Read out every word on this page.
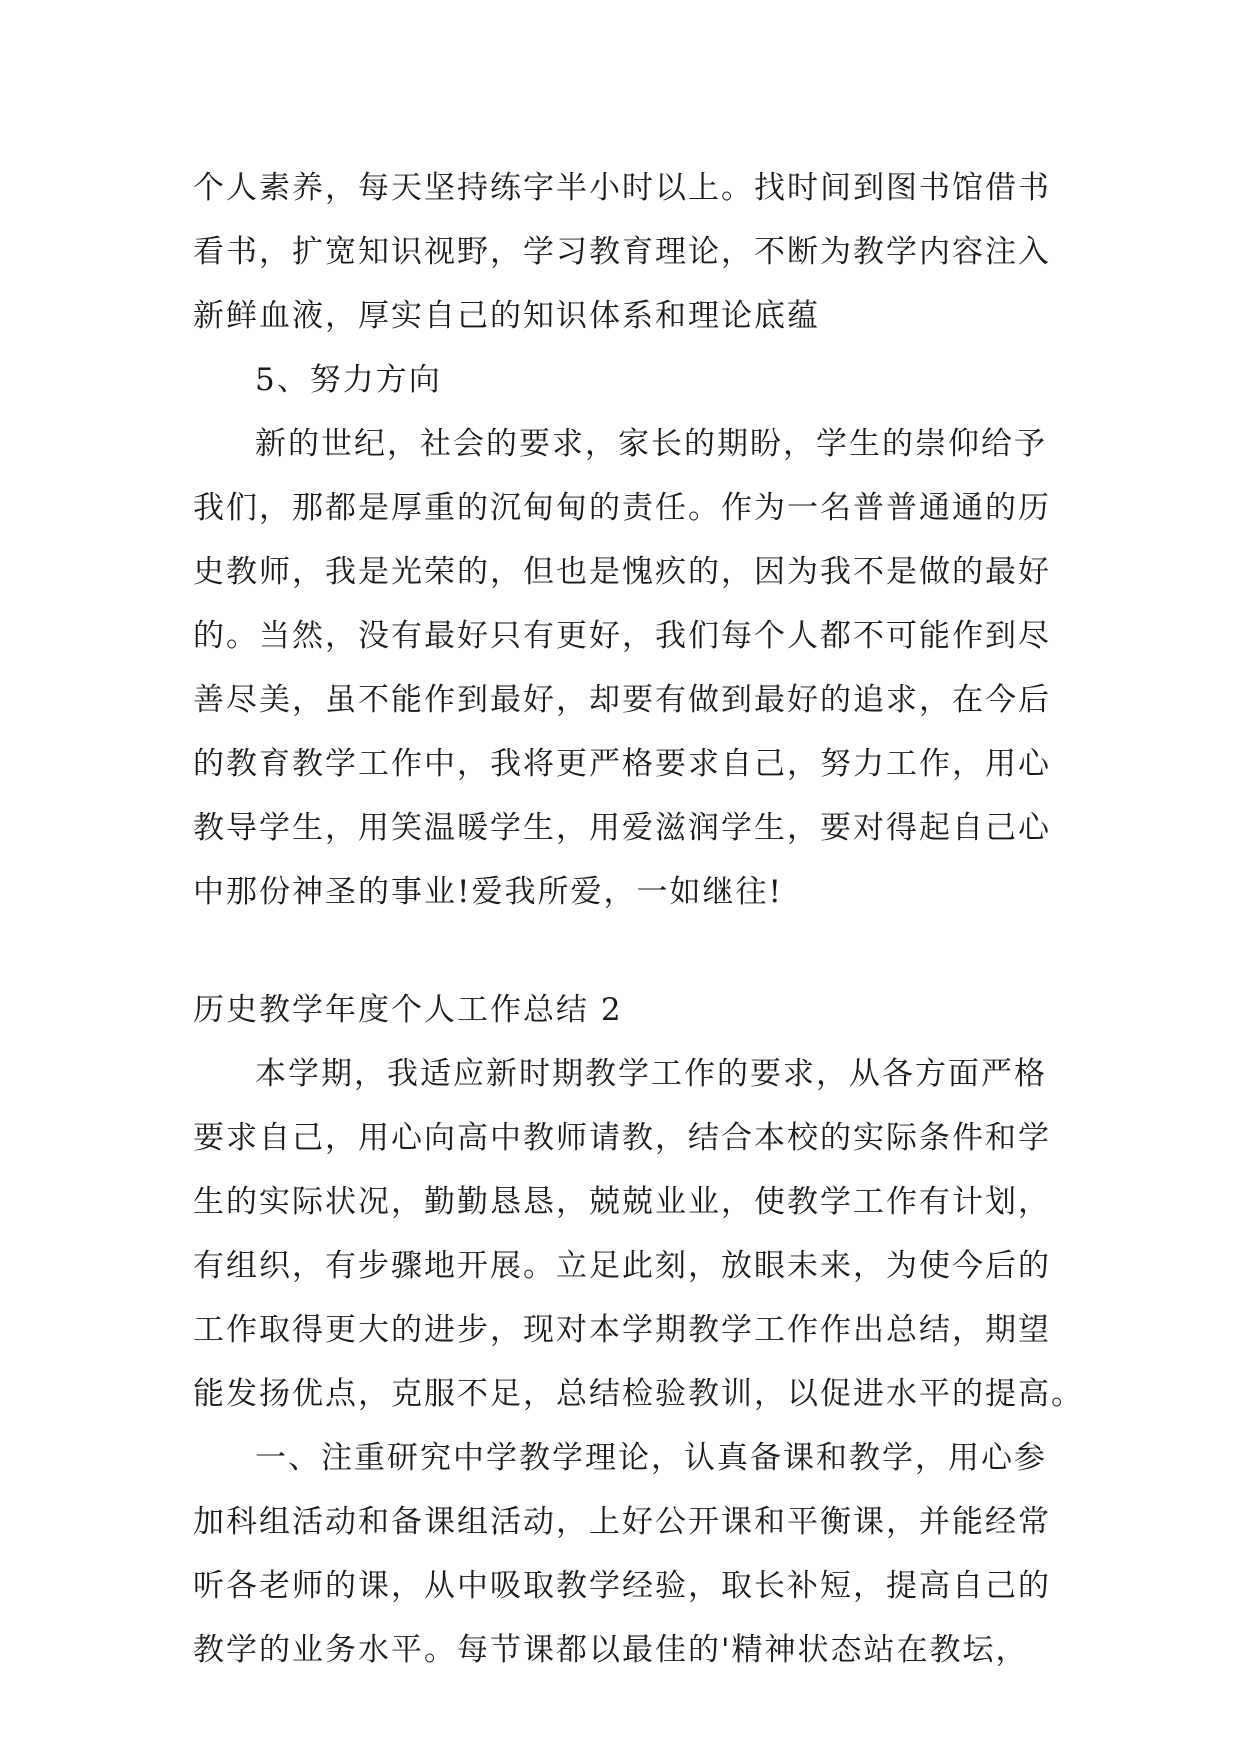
个人素养，每天坚持练字半小时以上。找时间到图书馆借书
看书，扩宽知识视野，学习教育理论，不断为教学内容注入
新鲜血液，厚实自己的知识体系和理论底蕴
5、努力方向
新的世纪，社会的要求，家长的期盼，学生的崇仰给予
我们，那都是厚重的沉甸甸的责任。作为一名普普通通的历
史教师，我是光荣的，但也是愧疚的，因为我不是做的最好
的。当然，没有最好只有更好，我们每个人都不可能作到尽
善尽美，虽不能作到最好，却要有做到最好的追求，在今后
的教育教学工作中，我将更严格要求自己，努力工作，用心
教导学生，用笑温暖学生，用爱滋润学生，要对得起自己心
中那份神圣的事业!爱我所爱，一如继往!
历史教学年度个人工作总结 2
本学期，我适应新时期教学工作的要求，从各方面严格
要求自己，用心向高中教师请教，结合本校的实际条件和学
生的实际状况，勤勤恳恳，兢兢业业，使教学工作有计划，
有组织，有步骤地开展。立足此刻，放眼未来，为使今后的
工作取得更大的进步，现对本学期教学工作作出总结，期望
能发扬优点，克服不足，总结检验教训，以促进水平的提高。
一、注重研究中学教学理论，认真备课和教学，用心参
加科组活动和备课组活动，上好公开课和平衡课，并能经常
听各老师的课，从中吸取教学经验，取长补短，提高自己的
教学的业务水平。每节课都以最佳的'精神状态站在教坛，
